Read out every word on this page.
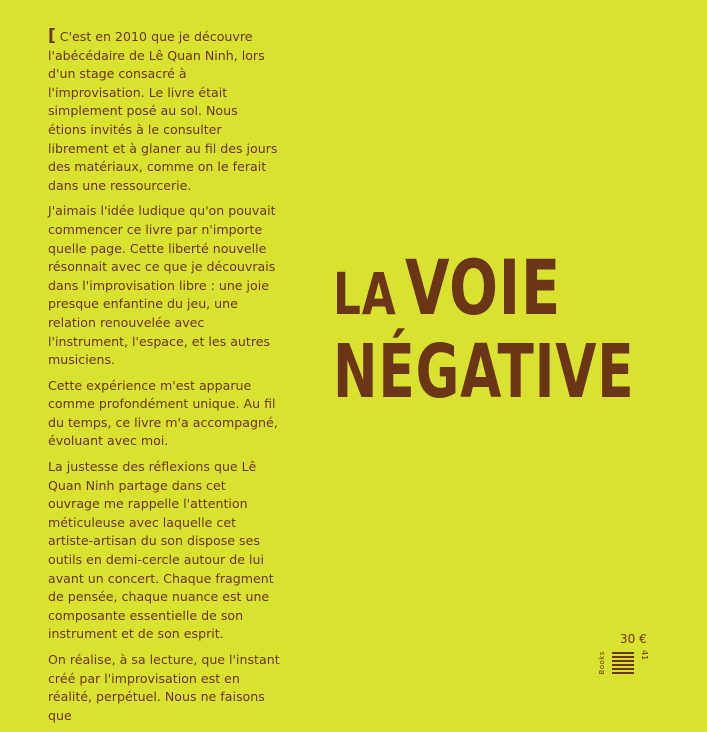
[ C'est en 2010 que je découvre l'abécédaire de Lê Quan Ninh, lors d'un stage consacré à l'improvisation. Le livre était simplement posé au sol. Nous étions invités à le consulter librement et à glaner au fil des jours des matériaux, comme on le ferait dans une ressourcerie.

J'aimais l'idée ludique qu'on pouvait commencer ce livre par n'importe quelle page. Cette liberté nouvelle résonnait avec ce que je découvrais dans l'improvisation libre : une joie presque enfantine du jeu, une relation renouvelée avec l'instrument, l'espace, et les autres musiciens.

Cette expérience m'est apparue comme profondément unique. Au fil du temps, ce livre m'a accompagné, évoluant avec moi.

La justesse des réflexions que Lê Quan Ninh partage dans cet ouvrage me rappelle l'attention méticuleuse avec laquelle cet artiste-artisan du son dispose ses outils en demi-cercle autour de lui avant un concert. Chaque fragment de pensée, chaque nuance est une composante essentielle de son instrument et de son esprit.

On réalise, à sa lecture, que l'instant créé par l'improvisation est en réalité, perpétuel. Nous ne faisons que

LA VOIE
NÉGATIVE
30 €
Books	41
